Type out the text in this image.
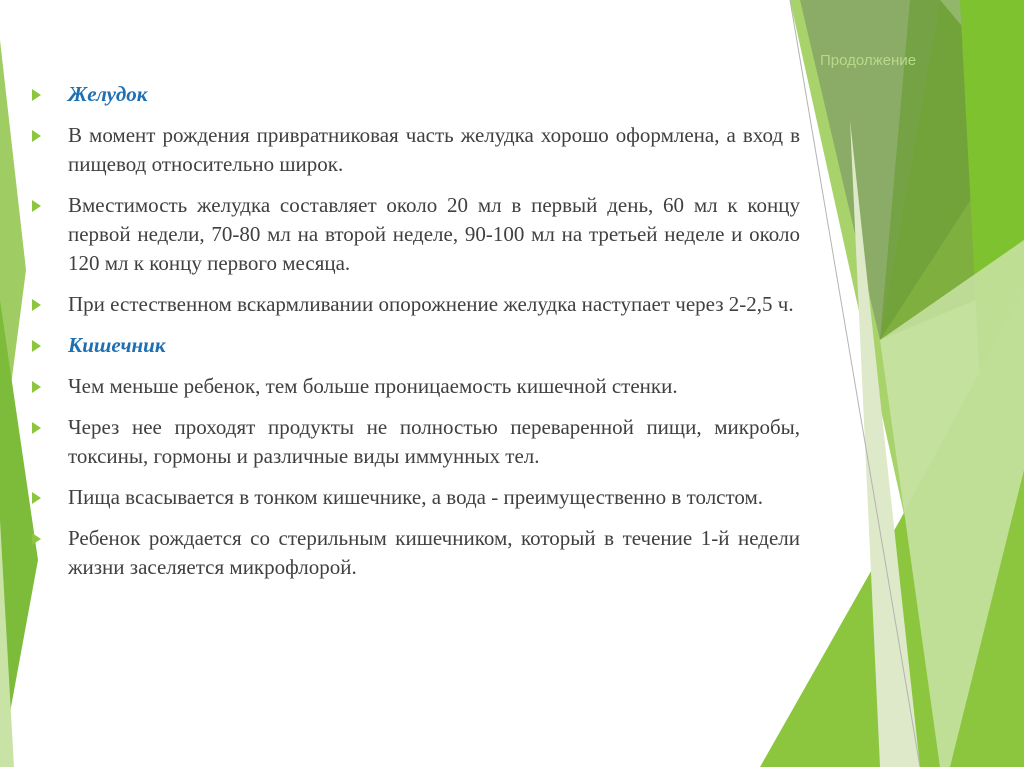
Продолжение
Желудок
В момент рождения привратниковая часть желудка хорошо оформлена, а вход в пищевод относительно широк.
Вместимость желудка составляет около 20 мл в первый день, 60 мл к концу первой недели, 70-80 мл на второй неделе, 90-100 мл на третьей неделе и около 120 мл к концу первого месяца.
При естественном вскармливании опорожнение желудка наступает через 2-2,5 ч.
Кишечник
Чем меньше ребенок, тем больше проницаемость кишечной стенки.
Через нее проходят продукты не полностью переваренной пищи, микробы, токсины, гормоны и различные виды иммунных тел.
Пища всасывается в тонком кишечнике, а вода - преимущественно в толстом.
Ребенок рождается со стерильным кишечником, который в течение 1-й недели жизни заселяется микрофлорой.
